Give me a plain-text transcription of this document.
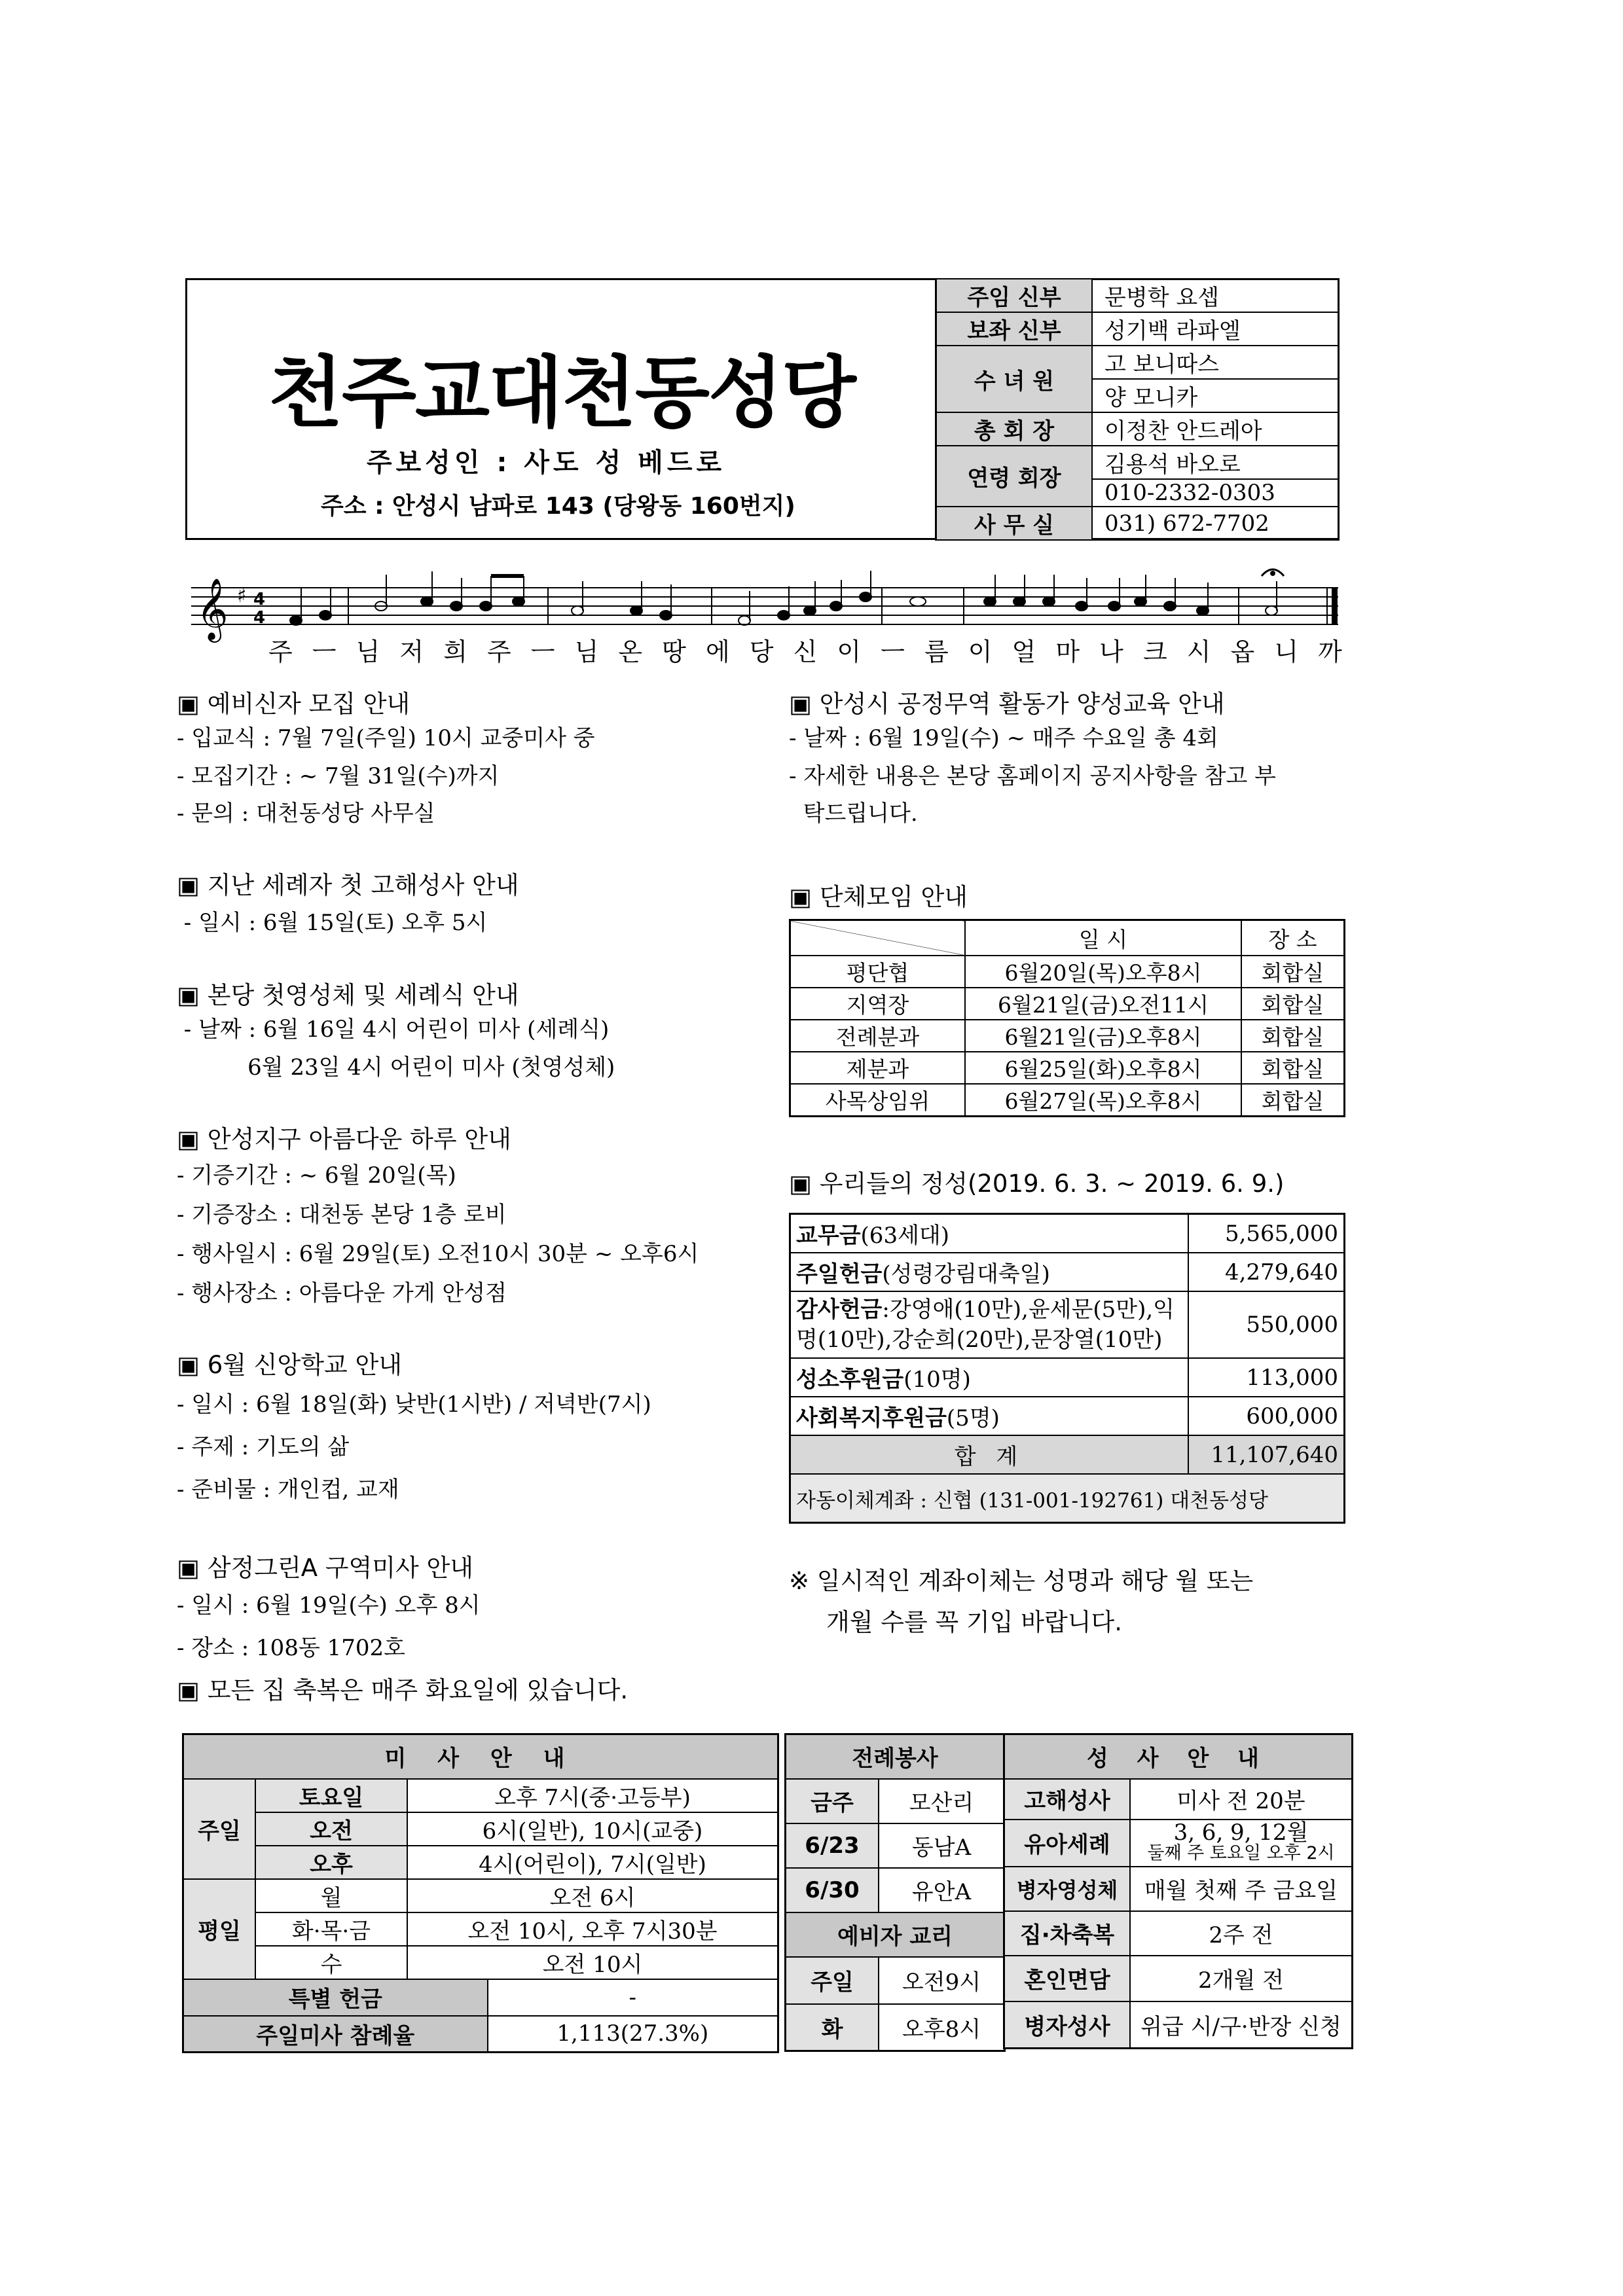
천주교대천동성당
주보성인 : 사도 성 베드로
주소 : 안성시 남파로 143 (당왕동 160번지)
주임 신부	문병학 요셉
보좌 신부	성기백 라파엘
수 녀 원	고 보니따스
	양 모니카
총 회 장	이정찬 안드레아
연령 회장	김용석 바오로
	010-2332-0303
사 무 실	031) 672-7702
𝄞 ♯ 4
4
주 ㅡ 님 저 희 주 ㅡ 님 온 땅 에 당 신 이 ㅡ 름 이 얼 마 나 크 시 옵 니 까
▣ 예비신자 모집 안내
- 입교식 : 7월 7일(주일) 10시 교중미사 중
- 모집기간 : ~ 7월 31일(수)까지
- 문의 : 대천동성당 사무실
▣ 지난 세례자 첫 고해성사 안내
- 일시 : 6월 15일(토) 오후 5시
▣ 본당 첫영성체 및 세례식 안내
- 날짜 : 6월 16일 4시 어린이 미사 (세례식)
6월 23일 4시 어린이 미사 (첫영성체)
▣ 안성지구 아름다운 하루 안내
- 기증기간 : ~ 6월 20일(목)
- 기증장소 : 대천동 본당 1층 로비
- 행사일시 : 6월 29일(토) 오전10시 30분 ~ 오후6시
- 행사장소 : 아름다운 가게 안성점
▣ 6월 신앙학교 안내
- 일시 : 6월 18일(화) 낮반(1시반) / 저녁반(7시)
- 주제 : 기도의 삶
- 준비물 : 개인컵, 교재
▣ 삼정그린A 구역미사 안내
- 일시 : 6월 19일(수) 오후 8시
- 장소 : 108동 1702호
▣ 모든 집 축복은 매주 화요일에 있습니다.
▣ 안성시 공정무역 활동가 양성교육 안내
- 날짜 : 6월 19일(수) ~ 매주 수요일 총 4회
- 자세한 내용은 본당 홈페이지 공지사항을 참고 부
탁드립니다.
▣ 단체모임 안내
	일 시	장 소
평단협	6월20일(목)오후8시	회합실
지역장	6월21일(금)오전11시	회합실
전례분과	6월21일(금)오후8시	회합실
제분과	6월25일(화)오후8시	회합실
사목상임위	6월27일(목)오후8시	회합실
▣ 우리들의 정성(2019. 6. 3. ~ 2019. 6. 9.)
교무금(63세대)	5,565,000
주일헌금(성령강림대축일)	4,279,640
감사헌금:강영애(10만),윤세문(5만),익명(10만),강순희(20만),문장열(10만)	550,000
성소후원금(10명)	113,000
사회복지후원금(5명)	600,000
합 계	11,107,640
자동이체계좌 : 신협 (131-001-192761) 대천동성당	
※ 일시적인 계좌이체는 성명과 해당 월 또는
개월 수를 꼭 기입 바랍니다.
미 사 안 내			
주일	토요일	오후 7시(중·고등부)	
	오전	6시(일반), 10시(교중)	
	오후	4시(어린이), 7시(일반)	
평일	월	오전 6시	
	화·목·금	오전 10시, 오후 7시30분	
	수	오전 10시	
특별 헌금			-
주일미사 참례율			1,113(27.3%)
전례봉사	
금주	모산리
6/23	동남A
6/30	유안A
예비자 교리	
주일	오전9시
화	오후8시
성 사 안 내	
고해성사	미사 전 20분
유아세례	3, 6, 9, 12월
둘째 주 토요일 오후 2시

병자영성체	매월 첫째 주 금요일
집·차축복	2주 전
혼인면담	2개월 전
병자성사	위급 시/구·반장 신청
